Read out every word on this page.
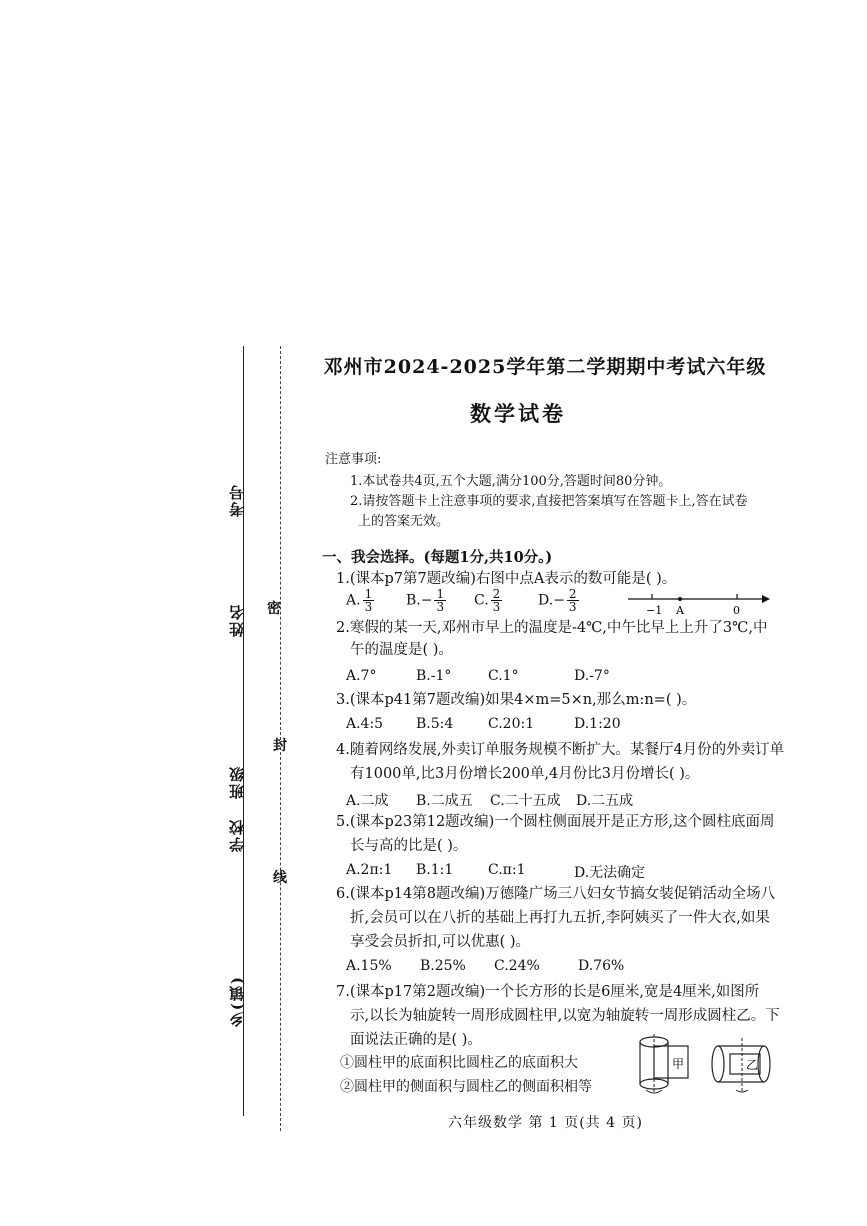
考号
姓名
班级
学校
乡(镇)
密
封
线
邓州市2024-2025学年第二学期期中考试六年级
数学试卷
注意事项:
1.本试卷共4页,五个大题,满分100分,答题时间80分钟。
2.请按答题卡上注意事项的要求,直接把答案填写在答题卡上,答在试卷
上的答案无效。
一、我会选择。(每题1分,共10分。)
1.(课本p7第7题改编)右图中点A表示的数可能是( )。
A. $\frac{1}{3} B.- \frac{1}{3} C$. $\frac{2}{3}$	$D.- \frac{2}{3}$	−1 A	0
2.寒假的某一天,邓州市早上的温度是-4℃,中午比早上上升了3℃,中
午的温度是( )。
A.7°	B.-1°	C.1°	D.-7°
3.(课本p41第7题改编)如果4×m=5×n,那么m:n=( )。
A.4:5 B.5:4 C.20:1	D.1:20
4.随着网络发展,外卖订单服务规模不断扩大。某餐厅4月份的外卖订单
有1000单,比3月份增长200单,4月份比3月份增长( )。
A.二成 B.二成五 C.二十五成 D.二五成
5.(课本p23第12题改编)一个圆柱侧面展开是正方形,这个圆柱底面周
长与高的比是( )。
A.2π:1 B.1:1 C.π:1	D.无法确定
6.(课本p14第8题改编)万德隆广场三八妇女节搞女装促销活动全场八
折,会员可以在八折的基础上再打九五折,李阿姨买了一件大衣,如果
享受会员折扣,可以优惠( )。
A.15% B.25% C.24%	D.76%
7.(课本p17第2题改编)一个长方形的长是6厘米,宽是4厘米,如图所
示,以长为轴旋转一周形成圆柱甲,以宽为轴旋转一周形成圆柱乙。下
面说法正确的是( )。
①圆柱甲的底面积比圆柱乙的底面积大
②圆柱甲的侧面积与圆柱乙的侧面积相等
甲	乙
六年级数学 第 1 页(共 4 页)
